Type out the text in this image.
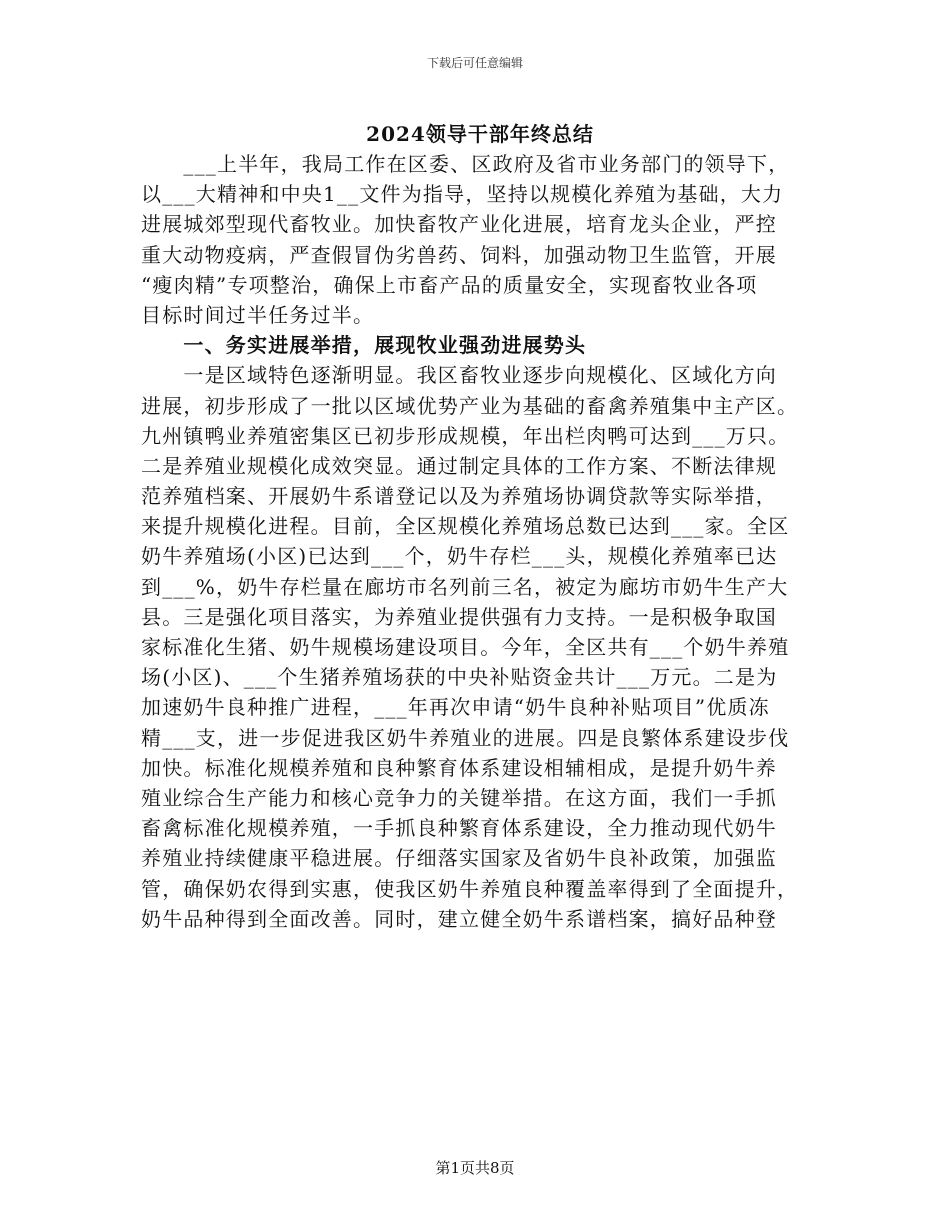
下载后可任意编辑
2024领导干部年终总结
　　___上半年，我局工作在区委、区政府及省市业务部门的领导下，
以___大精神和中央1__文件为指导，坚持以规模化养殖为基础，大力
进展城郊型现代畜牧业。加快畜牧产业化进展，培育龙头企业，严控
重大动物疫病，严查假冒伪劣兽药、饲料，加强动物卫生监管，开展
“瘦肉精”专项整治，确保上市畜产品的质量安全，实现畜牧业各项
目标时间过半任务过半。
　　一、务实进展举措，展现牧业强劲进展势头
　　一是区域特色逐渐明显。我区畜牧业逐步向规模化、区域化方向
进展，初步形成了一批以区域优势产业为基础的畜禽养殖集中主产区。
九州镇鸭业养殖密集区已初步形成规模，年出栏肉鸭可达到___万只。
二是养殖业规模化成效突显。通过制定具体的工作方案、不断法律规
范养殖档案、开展奶牛系谱登记以及为养殖场协调贷款等实际举措，
来提升规模化进程。目前，全区规模化养殖场总数已达到___家。全区
奶牛养殖场(小区)已达到___个，奶牛存栏___头，规模化养殖率已达
到___%，奶牛存栏量在廊坊市名列前三名，被定为廊坊市奶牛生产大
县。三是强化项目落实，为养殖业提供强有力支持。一是积极争取国
家标准化生猪、奶牛规模场建设项目。今年，全区共有___个奶牛养殖
场(小区)、___个生猪养殖场获的中央补贴资金共计___万元。二是为
加速奶牛良种推广进程，___年再次申请“奶牛良种补贴项目”优质冻
精___支，进一步促进我区奶牛养殖业的进展。四是良繁体系建设步伐
加快。标准化规模养殖和良种繁育体系建设相辅相成，是提升奶牛养
殖业综合生产能力和核心竞争力的关键举措。在这方面，我们一手抓
畜禽标准化规模养殖，一手抓良种繁育体系建设，全力推动现代奶牛
养殖业持续健康平稳进展。仔细落实国家及省奶牛良补政策，加强监
管，确保奶农得到实惠，使我区奶牛养殖良种覆盖率得到了全面提升，
奶牛品种得到全面改善。同时，建立健全奶牛系谱档案，搞好品种登
第1页共8页
